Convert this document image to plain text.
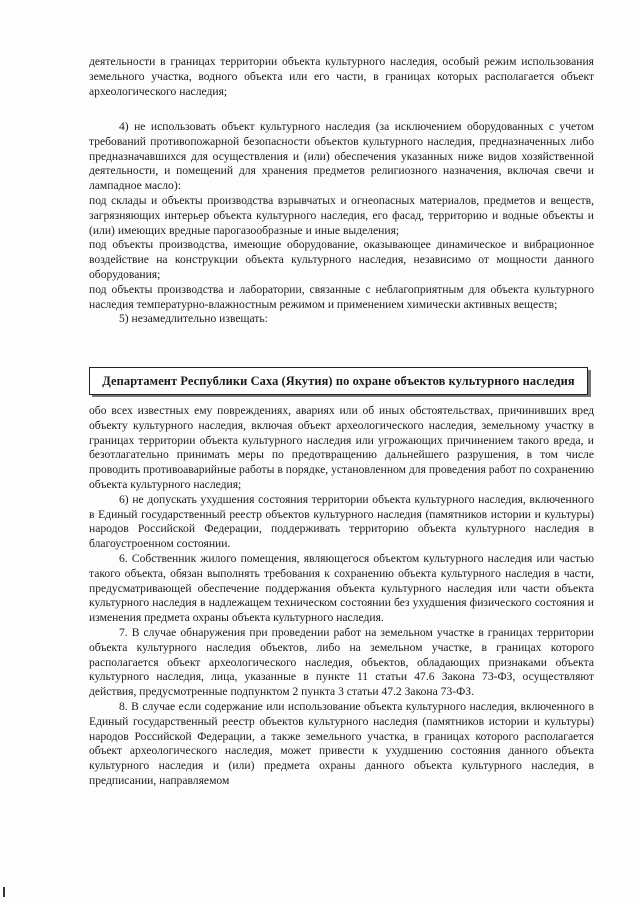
деятельности в границах территории объекта культурного наследия, особый режим использования земельного участка, водного объекта или его части, в границах которых располагается объект археологического наследия;

4) не использовать объект культурного наследия (за исключением оборудованных с учетом требований противопожарной безопасности объектов культурного наследия, предназначенных либо предназначавшихся для осуществления и (или) обеспечения указанных ниже видов хозяйственной деятельности, и помещений для хранения предметов религиозного назначения, включая свечи и лампадное масло):

под склады и объекты производства взрывчатых и огнеопасных материалов, предметов и веществ, загрязняющих интерьер объекта культурного наследия, его фасад, территорию и водные объекты и (или) имеющих вредные парогазообразные и иные выделения;

под объекты производства, имеющие оборудование, оказывающее динамическое и вибрационное воздействие на конструкции объекта культурного наследия, независимо от мощности данного оборудования;

под объекты производства и лаборатории, связанные с неблагоприятным для объекта культурного наследия температурно-влажностным режимом и применением химически активных веществ;

5) незамедлительно извещать:

Департамент Республики Саха (Якутия) по охране объектов культурного наследия

обо всех известных ему повреждениях, авариях или об иных обстоятельствах, причинивших вред объекту культурного наследия, включая объект археологического наследия, земельному участку в границах территории объекта культурного наследия или угрожающих причинением такого вреда, и безотлагательно принимать меры по предотвращению дальнейшего разрушения, в том числе проводить противоаварийные работы в порядке, установленном для проведения работ по сохранению объекта культурного наследия;

6) не допускать ухудшения состояния территории объекта культурного наследия, включенного в Единый государственный реестр объектов культурного наследия (памятников истории и культуры) народов Российской Федерации, поддерживать территорию объекта культурного наследия в благоустроенном состоянии.

6. Собственник жилого помещения, являющегося объектом культурного наследия или частью такого объекта, обязан выполнять требования к сохранению объекта культурного наследия в части, предусматривающей обеспечение поддержания объекта культурного наследия или части объекта культурного наследия в надлежащем техническом состоянии без ухудшения физического состояния и изменения предмета охраны объекта культурного наследия.

7. В случае обнаружения при проведении работ на земельном участке в границах территории объекта культурного наследия объектов, либо на земельном участке, в границах которого располагается объект археологического наследия, объектов, обладающих признаками объекта культурного наследия, лица, указанные в пункте 11 статьи 47.6 Закона 73-ФЗ, осуществляют действия, предусмотренные подпунктом 2 пункта 3 статьи 47.2 Закона 73-ФЗ.

8. В случае если содержание или использование объекта культурного наследия, включенного в Единый государственный реестр объектов культурного наследия (памятников истории и культуры) народов Российской Федерации, а также земельного участка, в границах которого располагается объект археологического наследия, может привести к ухудшению состояния данного объекта культурного наследия и (или) предмета охраны данного объекта культурного наследия, в предписании, направляемом
